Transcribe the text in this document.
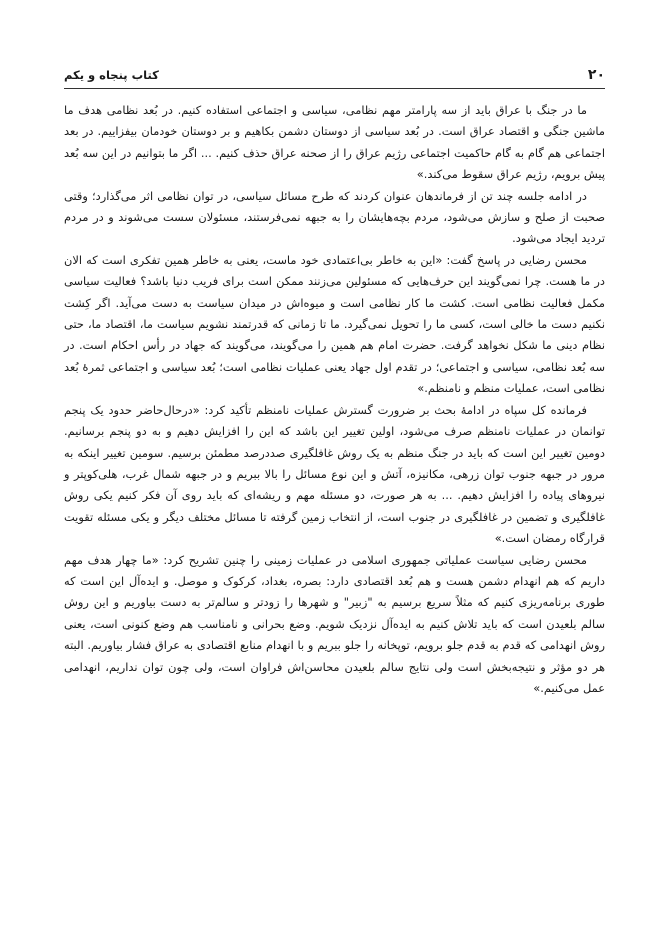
۲۰
کتاب پنجاه و یکم

ما در جنگ با عراق باید از سه پارامتر مهم نظامی، سیاسی و اجتماعی استفاده کنیم. در بُعد نظامی هدف ما ماشین جنگی و اقتصاد عراق است. در بُعد سیاسی از دوستان دشمن بکاهیم و بر دوستان خودمان بیفزاییم. در بعد اجتماعی هم گام به گام حاکمیت اجتماعی رژیم عراق را از صحنه عراق حذف کنیم. ... اگر ما بتوانیم در این سه بُعد پیش برویم، رژیم عراق سقوط می‌کند.»

در ادامه جلسه چند تن از فرماندهان عنوان کردند که طرح مسائل سیاسی، در توان نظامی اثر می‌گذارد؛ وقتی صحبت از صلح و سازش می‌شود، مردم بچه‌هایشان را به جبهه نمی‌فرستند، مسئولان سست می‌شوند و در مردم تردید ایجاد می‌شود.

محسن رضایی در پاسخ گفت: «این به خاطر بی‌اعتمادی خود ماست، یعنی به خاطر همین تفکری است که الان در ما هست. چرا نمی‌گویند این حرف‌هایی که مسئولین می‌زنند ممکن است برای فریب دنیا باشد؟ فعالیت سیاسی مکمل فعالیت نظامی است. کشت ما کار نظامی است و میوه‌اش در میدان سیاست به دست می‌آید. اگر کِشت نکنیم دست ما خالی است، کسی ما را تحویل نمی‌گیرد. ما تا زمانی که قدرتمند نشویم سیاست ما، اقتصاد ما، حتی نظام دینی ما شکل نخواهد گرفت. حضرت امام هم همین را می‌گویند، می‌گویند که جهاد در رأس احکام است. در سه بُعد نظامی، سیاسی و اجتماعی؛ در تقدم اول جهاد یعنی عملیات نظامی است؛ بُعد سیاسی و اجتماعی ثمرهٔ بُعد نظامی است، عملیات منظم و نامنظم.»

فرمانده کل سپاه در ادامهٔ بحث بر ضرورت گسترش عملیات نامنظم تأکید کرد: «درحال‌حاضر حدود یک پنجم توانمان در عملیات نامنظم صرف می‌شود، اولین تغییر این باشد که این را افزایش دهیم و به دو پنجم برسانیم. دومین تغییر این است که باید در جنگ منظم به یک روش غافلگیری صددرصد مطمئن برسیم. سومین تغییر اینکه به مرور در جبهه جنوب توان زرهی، مکانیزه، آتش و این نوع مسائل را بالا ببریم و در جبهه شمال غرب، هلی‌کوپتر و نیروهای پیاده را افزایش دهیم. ... به هر صورت، دو مسئله مهم و ریشه‌ای که باید روی آن فکر کنیم یکی روش غافلگیری و تضمین در غافلگیری در جنوب است، از انتخاب زمین گرفته تا مسائل مختلف دیگر و یکی مسئله تقویت قرارگاه رمضان است.»

محسن رضایی سیاست عملیاتی جمهوری اسلامی در عملیات زمینی را چنین تشریح کرد: «ما چهار هدف مهم داریم که هم انهدام دشمن هست و هم بُعد اقتصادی دارد: بصره، بغداد، کرکوک و موصل. و ایده‌آل این است که طوری برنامه‌ریزی کنیم که مثلاً سریع برسیم به "زبیر" و شهرها را زودتر و سالم‌تر به دست بیاوریم و این روش سالم بلعیدن است که باید تلاش کنیم به ایده‌آل نزدیک شویم. وضع بحرانی و نامناسب هم وضع کنونی است، یعنی روش انهدامی که قدم به قدم جلو برویم، توپخانه را جلو ببریم و با انهدام منابع اقتصادی به عراق فشار بیاوریم. البته هر دو مؤثر و نتیجه‌بخش است ولی نتایج سالم بلعیدن محاسن‌اش فراوان است، ولی چون توان نداریم، انهدامی عمل می‌کنیم.»
